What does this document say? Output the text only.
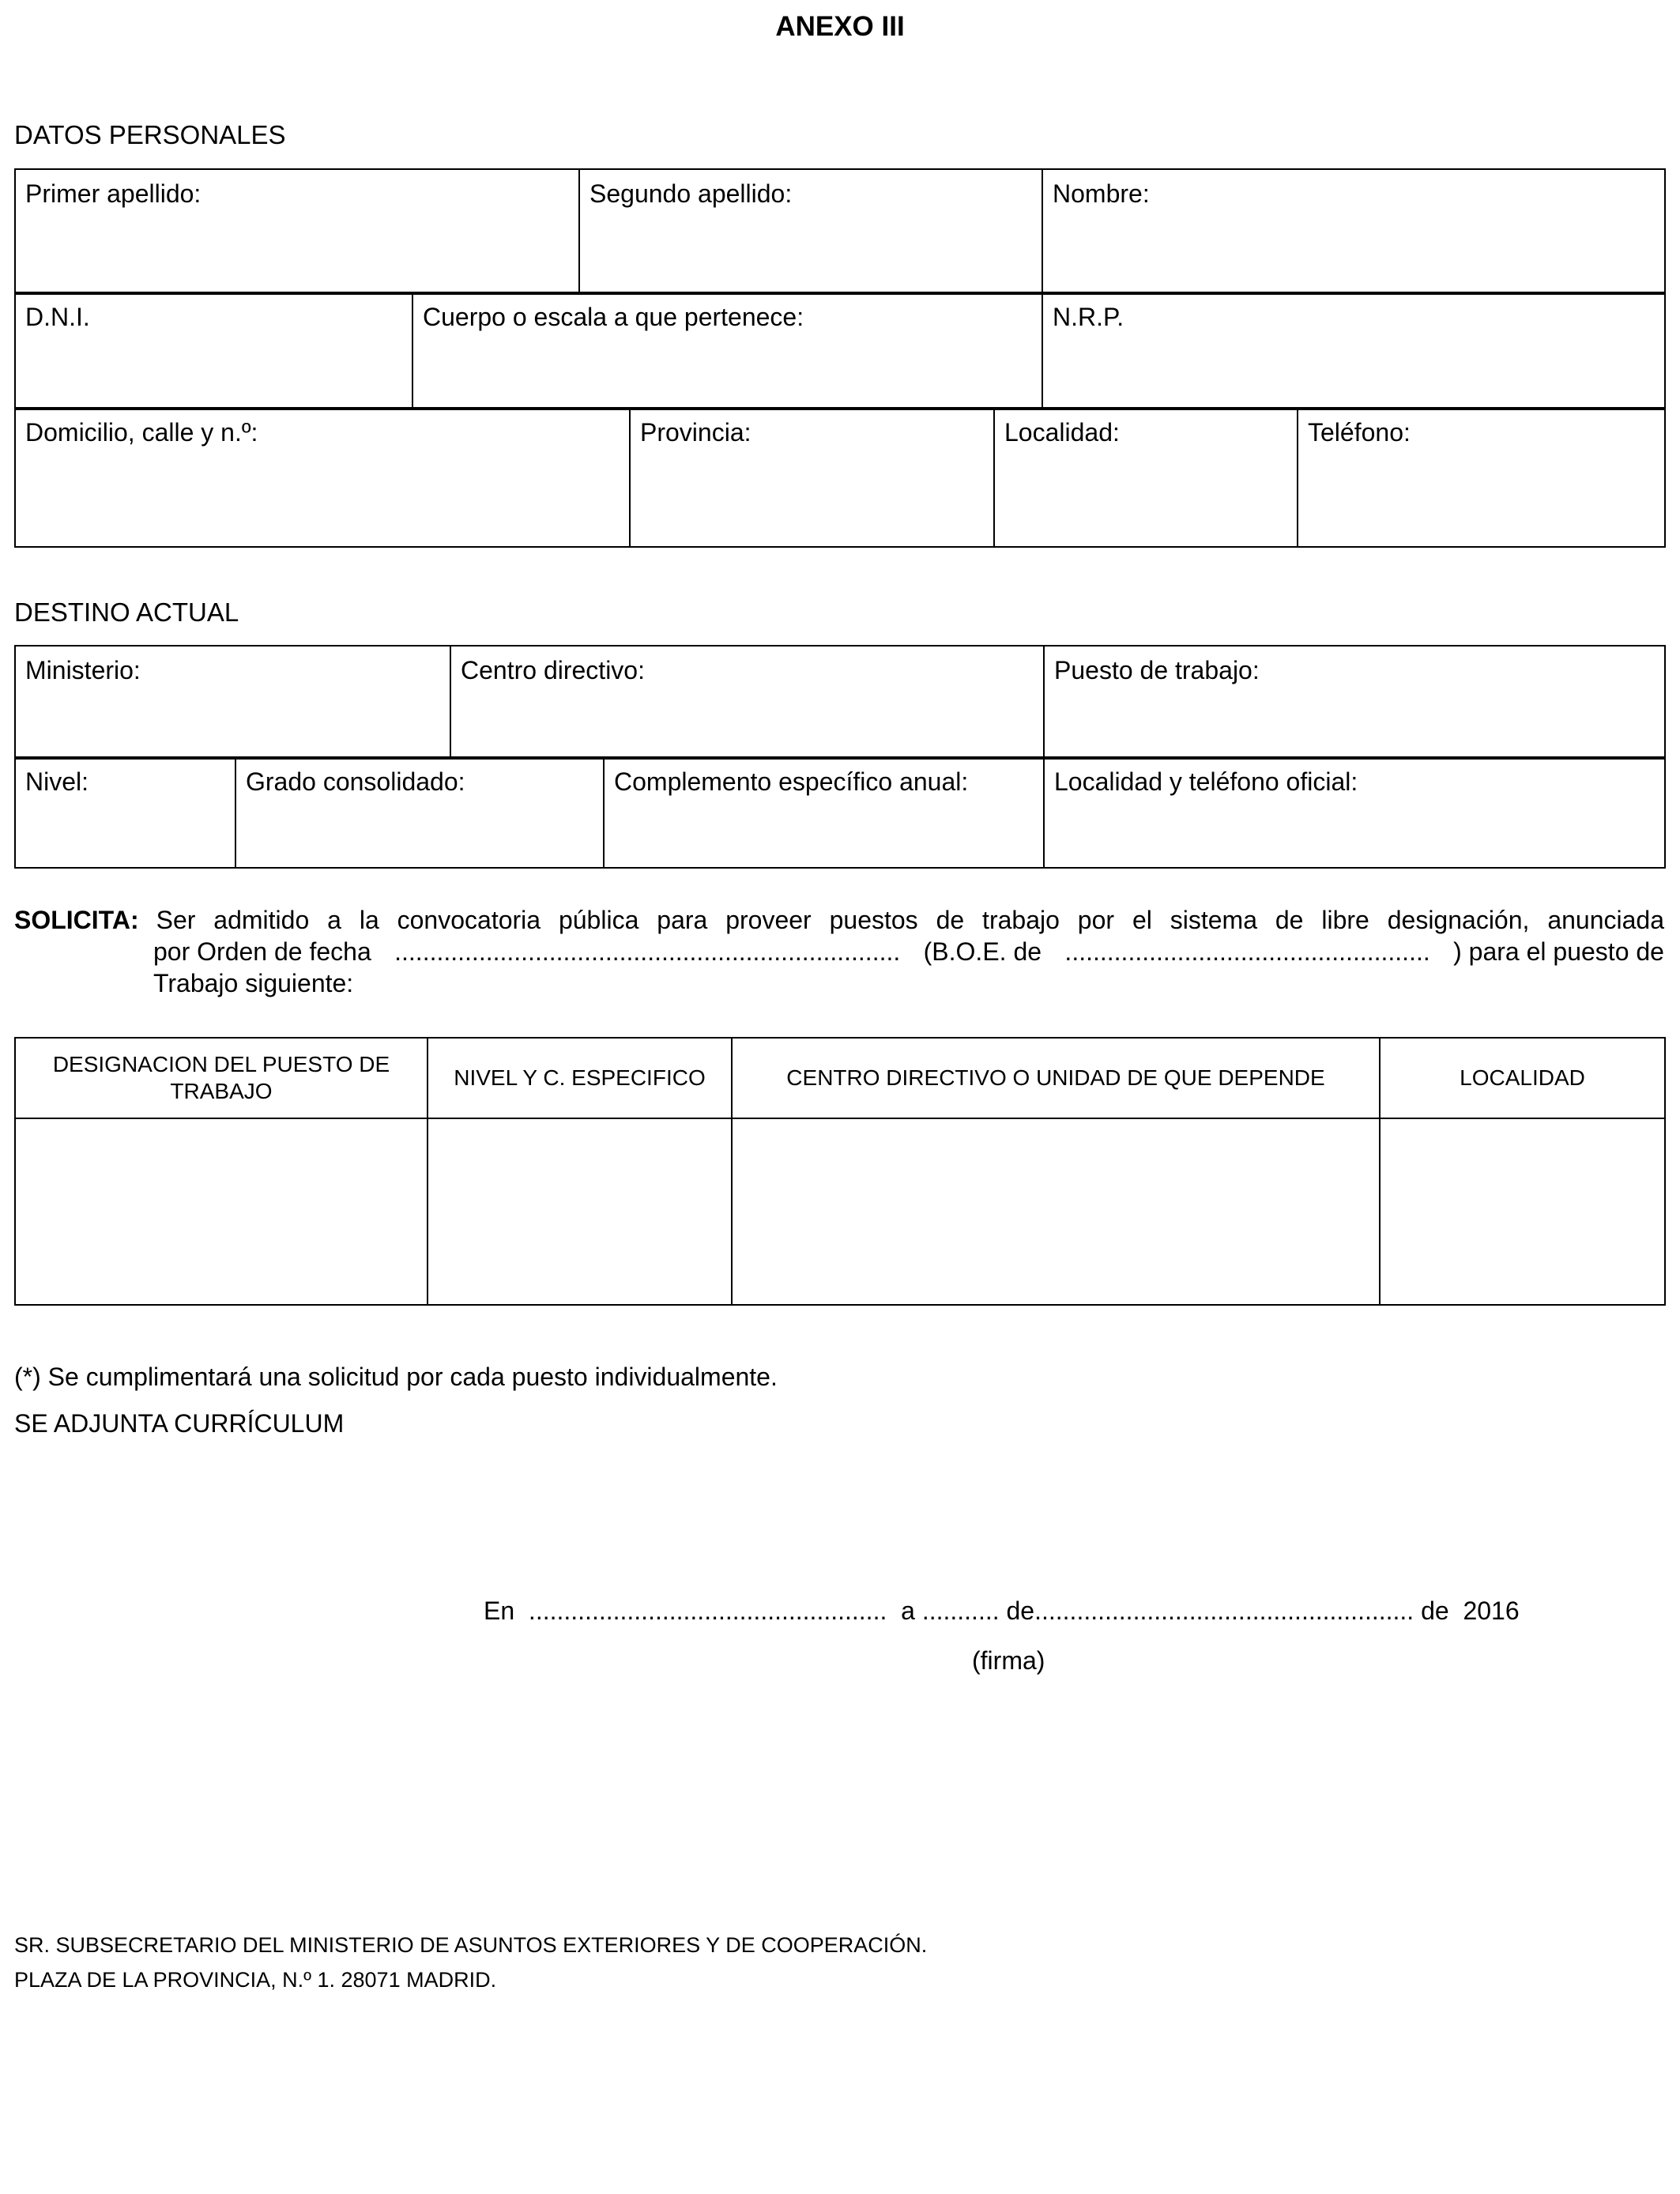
ANEXO III
DATOS PERSONALES
Primer apellido:	Segundo apellido:	Nombre:
D.N.I.	Cuerpo o escala a que pertenece:	N.R.P.
Domicilio, calle y n.º:	Provincia:	Localidad:	Teléfono:
DESTINO ACTUAL
Ministerio:	Centro directivo:	Puesto de trabajo:
Nivel:	Grado consolidado:	Complemento específico anual:	Localidad y teléfono oficial:
SOLICITA: Ser admitido a la convocatoria pública para proveer puestos de trabajo por el sistema de libre designación, anunciada
por Orden de fecha ........................................................................ (B.O.E. de .................................................... ) para el puesto de
Trabajo siguiente:
DESIGNACION DEL PUESTO DE TRABAJO	NIVEL Y C. ESPECIFICO	CENTRO DIRECTIVO O UNIDAD DE QUE DEPENDE	LOCALIDAD

(*) Se cumplimentará una solicitud por cada puesto individualmente.
SE ADJUNTA CURRÍCULUM
En ................................................... a ........... de...................................................... de 2016
(firma)
SR. SUBSECRETARIO DEL MINISTERIO DE ASUNTOS EXTERIORES Y DE COOPERACIÓN.
PLAZA DE LA PROVINCIA, N.º 1. 28071 MADRID.
